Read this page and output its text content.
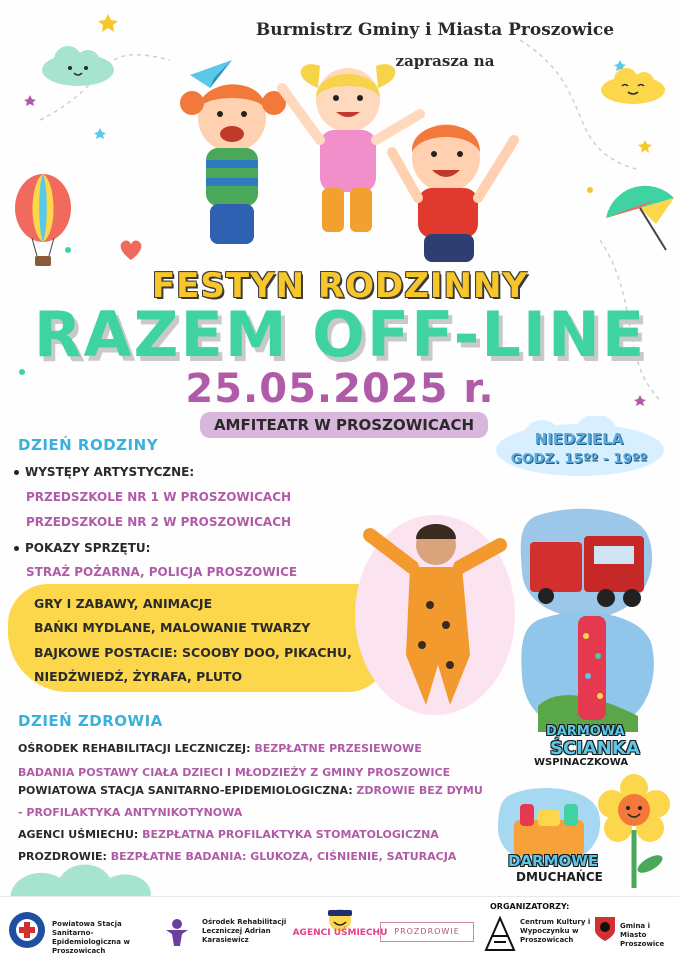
Burmistrz Gminy i Miasta Proszowice
zaprasza na
FESTYN RODZINNY
RAZEM OFF-LINE
25.05.2025 r.
AMFITEATR W PROSZOWICACH
NIEDZIELA
GODZ. 15ºº - 19ºº
DZIEŃ RODZINY
WYSTĘPY ARTYSTYCZNE:
PRZEDSZKOLE NR 1 W PROSZOWICACH
PRZEDSZKOLE NR 2 W PROSZOWICACH
POKAZY SPRZĘTU:
STRAŻ POŻARNA, POLICJA PROSZOWICE
GRY I ZABAWY, ANIMACJE
BAŃKI MYDLANE, MALOWANIE TWARZY
BAJKOWE POSTACIE: SCOOBY DOO, PIKACHU,
NIEDŹWIEDŹ, ŻYRAFA, PLUTO
DARMOWA
ŚCIANKA
WSPINACZKOWA
DZIEŃ ZDROWIA
OŚRODEK REHABILITACJI LECZNICZEJ: BEZPŁATNE PRZESIEWOWE
BADANIA POSTAWY CIAŁA DZIECI I MŁODZIEŻY Z GMINY PROSZOWICE
POWIATOWA STACJA SANITARNO-EPIDEMIOLOGICZNA: ZDROWIE BEZ DYMU
- PROFILAKTYKA ANTYNIKOTYNOWA
AGENCI UŚMIECHU: BEZPŁATNA PROFILAKTYKA STOMATOLOGICZNA
PROZDROWIE: BEZPŁATNE BADANIA: GLUKOZA, CIŚNIENIE, SATURACJA	DARMOWE
DMUCHAŃCE
ORGANIZATORZY:
Powiatowa Stacja Sanitarno-Epidemiologiczna w Proszowicach
Ośrodek Rehabilitacji Leczniczej Adrian Karasiewicz
AGENCI UŚMIECHU PROZDROWIE
Centrum Kultury i Wypoczynku w Proszowicach
Gmina i Miasto Proszowice
